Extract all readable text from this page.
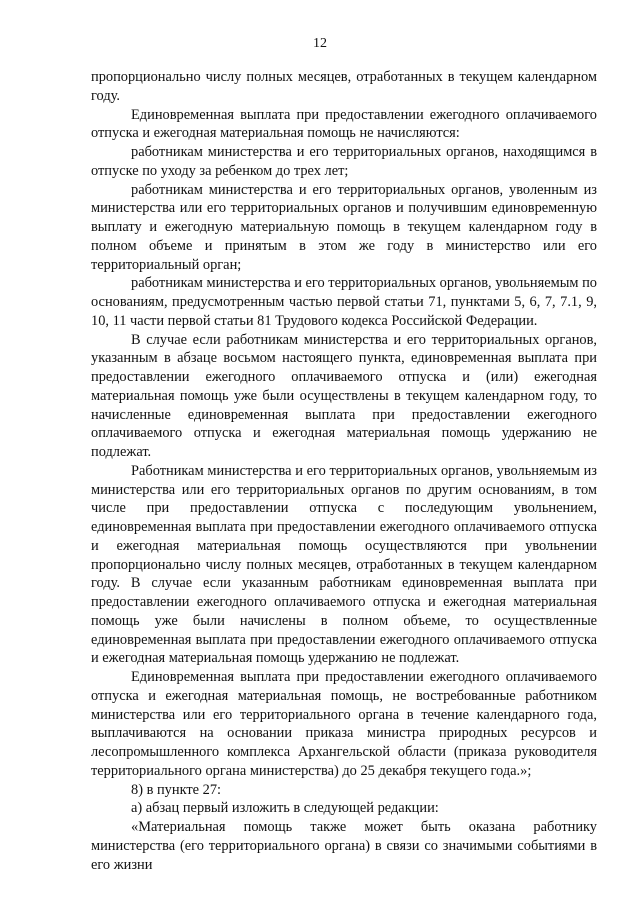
12

пропорционально числу полных месяцев, отработанных в текущем календарном году.

Единовременная выплата при предоставлении ежегодного оплачиваемого отпуска и ежегодная материальная помощь не начисляются:

работникам министерства и его территориальных органов, находящимся в отпуске по уходу за ребенком до трех лет;

работникам министерства и его территориальных органов, уволенным из министерства или его территориальных органов и получившим единовременную выплату и ежегодную материальную помощь в текущем календарном году в полном объеме и принятым в этом же году в министерство или его территориальный орган;

работникам министерства и его территориальных органов, увольняемым по основаниям, предусмотренным частью первой статьи 71, пунктами 5, 6, 7, 7.1, 9, 10, 11 части первой статьи 81 Трудового кодекса Российской Федерации.

В случае если работникам министерства и его территориальных органов, указанным в абзаце восьмом настоящего пункта, единовременная выплата при предоставлении ежегодного оплачиваемого отпуска и (или) ежегодная материальная помощь уже были осуществлены в текущем календарном году, то начисленные единовременная выплата при предоставлении ежегодного оплачиваемого отпуска и ежегодная материальная помощь удержанию не подлежат.

Работникам министерства и его территориальных органов, увольняемым из министерства или его территориальных органов по другим основаниям, в том числе при предоставлении отпуска с последующим увольнением, единовременная выплата при предоставлении ежегодного оплачиваемого отпуска и ежегодная материальная помощь осуществляются при увольнении пропорционально числу полных месяцев, отработанных в текущем календарном году. В случае если указанным работникам единовременная выплата при предоставлении ежегодного оплачиваемого отпуска и ежегодная материальная помощь уже были начислены в полном объеме, то осуществленные единовременная выплата при предоставлении ежегодного оплачиваемого отпуска и ежегодная материальная помощь удержанию не подлежат.

Единовременная выплата при предоставлении ежегодного оплачиваемого отпуска и ежегодная материальная помощь, не востребованные работником министерства или его территориального органа в течение календарного года, выплачиваются на основании приказа министра природных ресурсов и лесопромышленного комплекса Архангельской области (приказа руководителя территориального органа министерства) до 25 декабря текущего года.»;

8) в пункте 27:

а) абзац первый изложить в следующей редакции:

«Материальная помощь также может быть оказана работнику министерства (его территориального органа) в связи со значимыми событиями в его жизни
